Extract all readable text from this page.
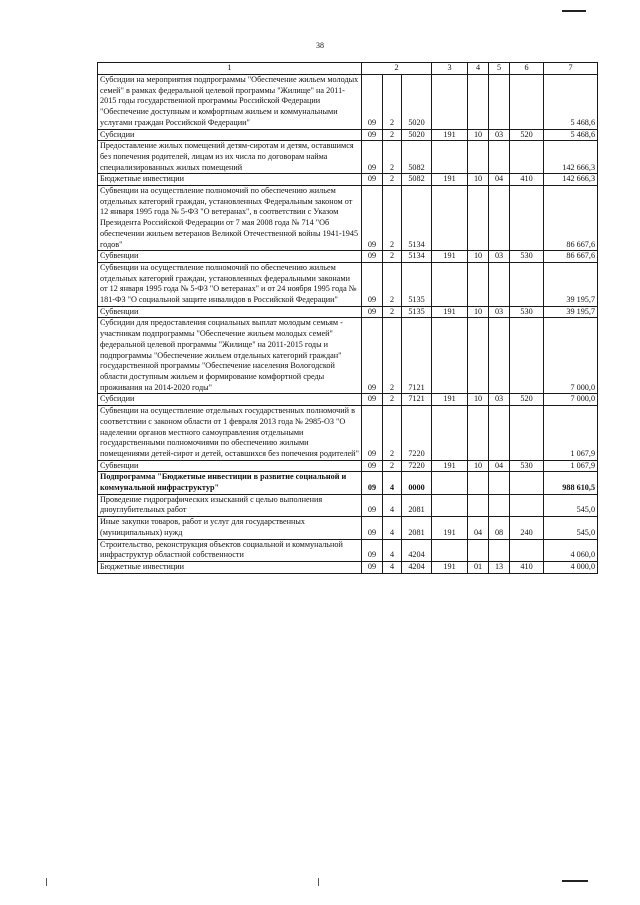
38
1	2			3	4	5	6	7
Субсидии на мероприятия подпрограммы "Обеспечение жильем молодых семей" в рамках федеральной целевой программы "Жилище" на 2011-2015 годы государственной программы Российской Федерации "Обеспечение доступным и комфортным жильем и коммунальными услугами граждан Российской Федерации"	09	2	5020					5 468,6
Субсидии	09	2	5020	191	10	03	520	5 468,6
Предоставление жилых помещений детям-сиротам и детям, оставшимся без попечения родителей, лицам из их числа по договорам найма специализированных жилых помещений	09	2	5082					142 666,3
Бюджетные инвестиции	09	2	5082	191	10	04	410	142 666,3
Субвенции на осуществление полномочий по обеспечению жильем отдельных категорий граждан, установленных Федеральным законом от 12 января 1995 года № 5-ФЗ "О ветеранах", в соответствии с Указом Президента Российской Федерации от 7 мая 2008 года № 714 "Об обеспечении жильем ветеранов Великой Отечественной войны 1941-1945 годов"	09	2	5134					86 667,6
Субвенции	09	2	5134	191	10	03	530	86 667,6
Субвенции на осуществление полномочий по обеспечению жильем отдельных категорий граждан, установленных федеральными законами от 12 января 1995 года № 5-ФЗ "О ветеранах" и от 24 ноября 1995 года № 181-ФЗ "О социальной защите инвалидов в Российской Федерации"	09	2	5135					39 195,7
Субвенции	09	2	5135	191	10	03	530	39 195,7
Субсидии для предоставления социальных выплат молодым семьям - участникам подпрограммы "Обеспечение жильем молодых семей" федеральной целевой программы "Жилище" на 2011-2015 годы и подпрограммы "Обеспечение жильем отдельных категорий граждан" государственной программы "Обеспечение населения Вологодской области доступным жильем и формирование комфортной среды проживания на 2014-2020 годы"	09	2	7121					7 000,0
Субсидии	09	2	7121	191	10	03	520	7 000,0
Субвенции на осуществление отдельных государственных полномочий в соответствии с законом области от 1 февраля 2013 года № 2985-ОЗ "О наделении органов местного самоуправления отдельными государственными полномочиями по обеспечению жилыми помещениями детей-сирот и детей, оставшихся без попечения родителей"	09	2	7220					1 067,9
Субвенции	09	2	7220	191	10	04	530	1 067,9
Подпрограмма "Бюджетные инвестиции в развитие социальной и коммунальной инфраструктур"	09	4	0000					988 610,5
Проведение гидрографических изысканий с целью выполнения дноуглубительных работ	09	4	2081					545,0
Иные закупки товаров, работ и услуг для государственных (муниципальных) нужд	09	4	2081	191	04	08	240	545,0
Строительство, реконструкция объектов социальной и коммунальной инфраструктур областной собственности	09	4	4204					4 060,0
Бюджетные инвестиции	09	4	4204	191	01	13	410	4 000,0
